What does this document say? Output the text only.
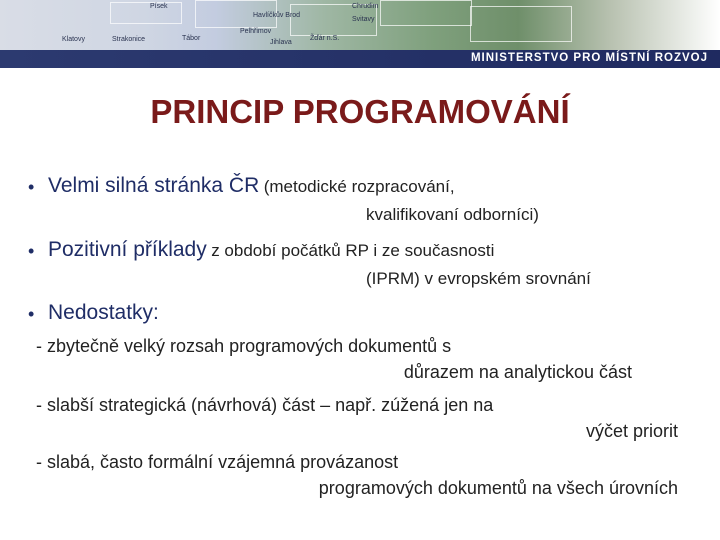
Písek
Havlíčkův Brod
Chrudim
Pelhřimov
Svitavy
Jihlava
Žďár n.S.
Tábor
Klatovy	Strakonice
MINISTERSTVO PRO MÍSTNÍ ROZVOJ
PRINCIP PROGRAMOVÁNÍ
• Velmi silná stránka ČR (metodické rozpracování,
kvalifikovaní odborníci)
• Pozitivní příklady z období počátků RP i ze současnosti
(IPRM) v evropském srovnání
• Nedostatky:
- zbytečně velký rozsah programových dokumentů s
důrazem na analytickou část
- slabší strategická (návrhová) část – např. zúžená jen na
výčet priorit
- slabá, často formální vzájemná provázanost
programových dokumentů na všech úrovních
